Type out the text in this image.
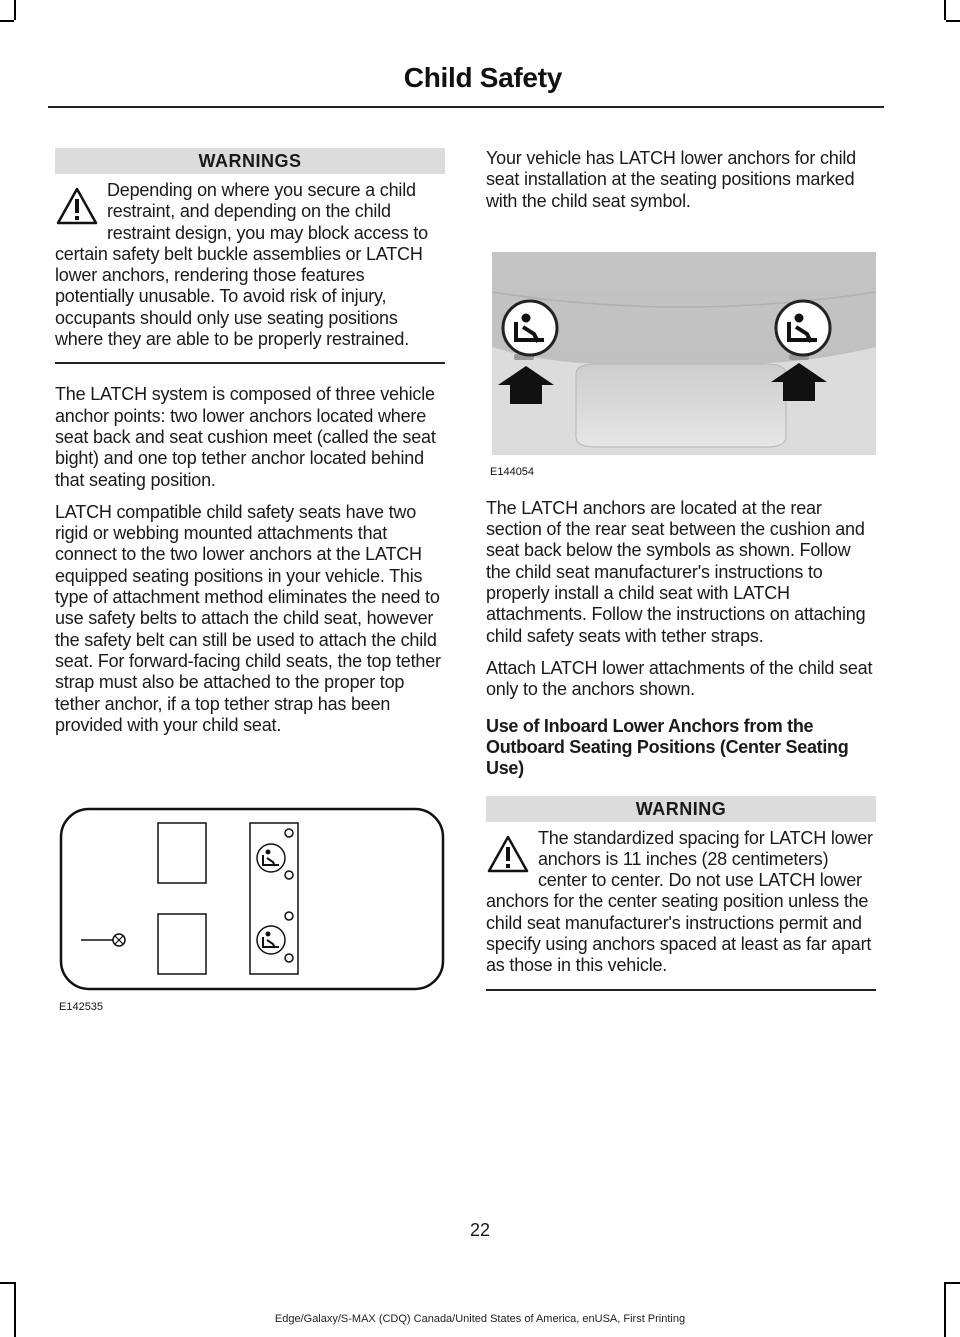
Child Safety
WARNINGS

Depending on where you secure a child restraint, and depending on the child restraint design, you may block access to certain safety belt buckle assemblies or LATCH lower anchors, rendering those features potentially unusable. To avoid risk of injury, occupants should only use seating positions where they are able to be properly restrained.

The LATCH system is composed of three vehicle anchor points: two lower anchors located where seat back and seat cushion meet (called the seat bight) and one top tether anchor located behind that seating position.

LATCH compatible child safety seats have two rigid or webbing mounted attachments that connect to the two lower anchors at the LATCH equipped seating positions in your vehicle. This type of attachment method eliminates the need to use safety belts to attach the child seat, however the safety belt can still be used to attach the child seat. For forward-facing child seats, the top tether strap must also be attached to the proper top tether anchor, if a top tether strap has been provided with your child seat.

E142535

Your vehicle has LATCH lower anchors for child seat installation at the seating positions marked with the child seat symbol.

E144054

The LATCH anchors are located at the rear section of the rear seat between the cushion and seat back below the symbols as shown. Follow the child seat manufacturer's instructions to properly install a child seat with LATCH attachments. Follow the instructions on attaching child safety seats with tether straps.

Attach LATCH lower attachments of the child seat only to the anchors shown.

Use of Inboard Lower Anchors from the Outboard Seating Positions (Center Seating Use)

WARNING

The standardized spacing for LATCH lower anchors is 11 inches (28 centimeters) center to center. Do not use LATCH lower anchors for the center seating position unless the child seat manufacturer's instructions permit and specify using anchors spaced at least as far apart as those in this vehicle.

22
Edge/Galaxy/S-MAX (CDQ) Canada/United States of America, enUSA, First Printing
